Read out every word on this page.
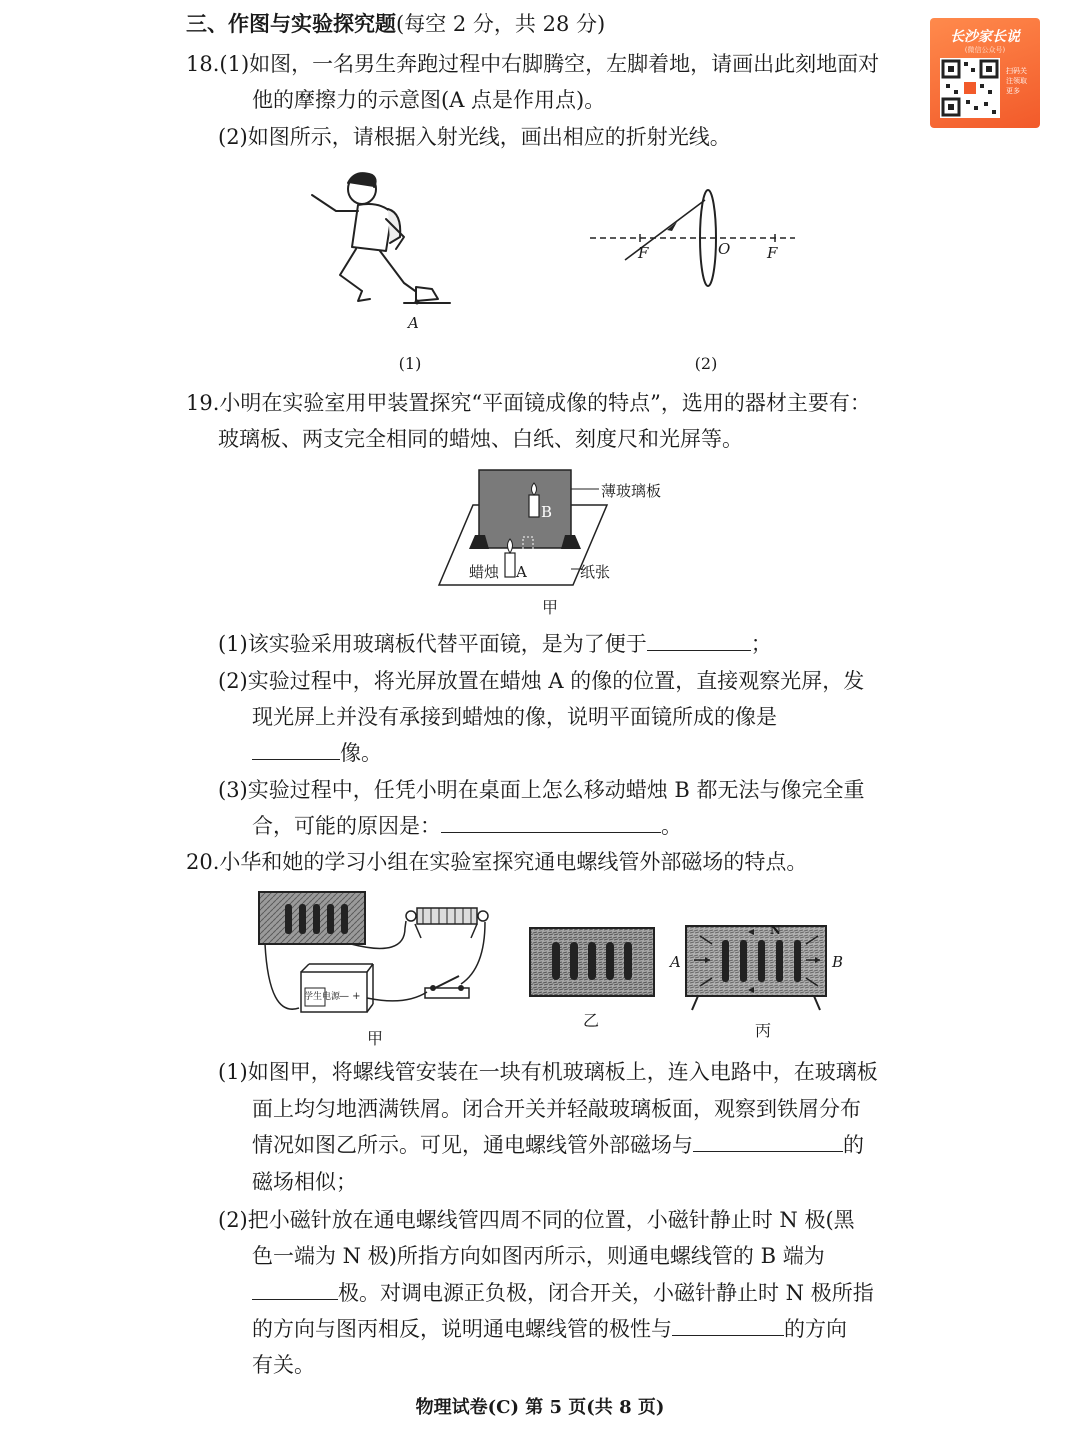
长沙家长说
(微信公众号)
扫码关注领取更多
三、作图与实验探究题(每空 2 分，共 28 分)
18.(1)如图，一名男生奔跑过程中右脚腾空，左脚着地，请画出此刻地面对
他的摩擦力的示意图(A 点是作用点)。
(2)如图所示，请根据入射光线，画出相应的折射光线。
A
(1)
F	O F
(2)
19.小明在实验室用甲装置探究“平面镜成像的特点”，选用的器材主要有：
玻璃板、两支完全相同的蜡烛、白纸、刻度尺和光屏等。
薄玻璃板
B
蜡烛 A	纸张
甲
(1)该实验采用玻璃板代替平面镜，是为了便于	；
(2)实验过程中，将光屏放置在蜡烛 A 的像的位置，直接观察光屏，发
现光屏上并没有承接到蜡烛的像，说明平面镜所成的像是
像。
(3)实验过程中，任凭小明在桌面上怎么移动蜡烛 B 都无法与像完全重
合，可能的原因是：	。
20.小华和她的学习小组在实验室探究通电螺线管外部磁场的特点。
— +
学生电源
甲
乙
N
A	B
丙
(1)如图甲，将螺线管安装在一块有机玻璃板上，连入电路中，在玻璃板
面上均匀地洒满铁屑。闭合开关并轻敲玻璃板面，观察到铁屑分布
情况如图乙所示。可见，通电螺线管外部磁场与	的
磁场相似；
(2)把小磁针放在通电螺线管四周不同的位置，小磁针静止时 N 极(黑
色一端为 N 极)所指方向如图丙所示，则通电螺线管的 B 端为
极。对调电源正负极，闭合开关，小磁针静止时 N 极所指
的方向与图丙相反，说明通电螺线管的极性与	的方向
有关。
物理试卷(C) 第 5 页(共 8 页)
